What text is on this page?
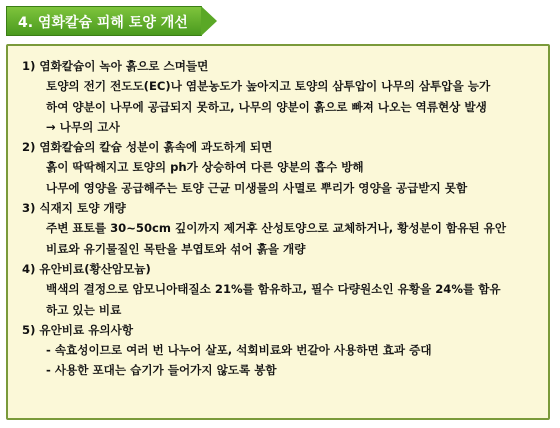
4. 염화칼슘 피해 토양 개선
1) 염화칼슘이 녹아 흙으로 스며들면
토양의 전기 전도도(EC)나 염분농도가 높아지고 토양의 삼투압이 나무의 삼투압을 능가
하여 양분이 나무에 공급되지 못하고, 나무의 양분이 흙으로 빠져 나오는 역류현상 발생
→ 나무의 고사
2) 염화칼슘의 칼슘 성분이 흙속에 과도하게 되면
흙이 딱딱해지고 토양의 ph가 상승하여 다른 양분의 흡수 방해
나무에 영양을 공급해주는 토양 근균 미생물의 사멸로 뿌리가 영양을 공급받지 못함
3) 식재지 토양 개량
주변 표토를 30~50cm 깊이까지 제거후 산성토양으로 교체하거나, 황성분이 함유된 유안
비료와 유기물질인 목탄을 부엽토와 섞어 흙을 개량
4) 유안비료(황산암모늄)
백색의 결정으로 암모니아태질소 21%를 함유하고, 필수 다량원소인 유황을 24%를 함유
하고 있는 비료
5) 유안비료 유의사항
- 속효성이므로 여러 번 나누어 살포, 석회비료와 번갈아 사용하면 효과 증대
- 사용한 포대는 습기가 들어가지 않도록 봉함
